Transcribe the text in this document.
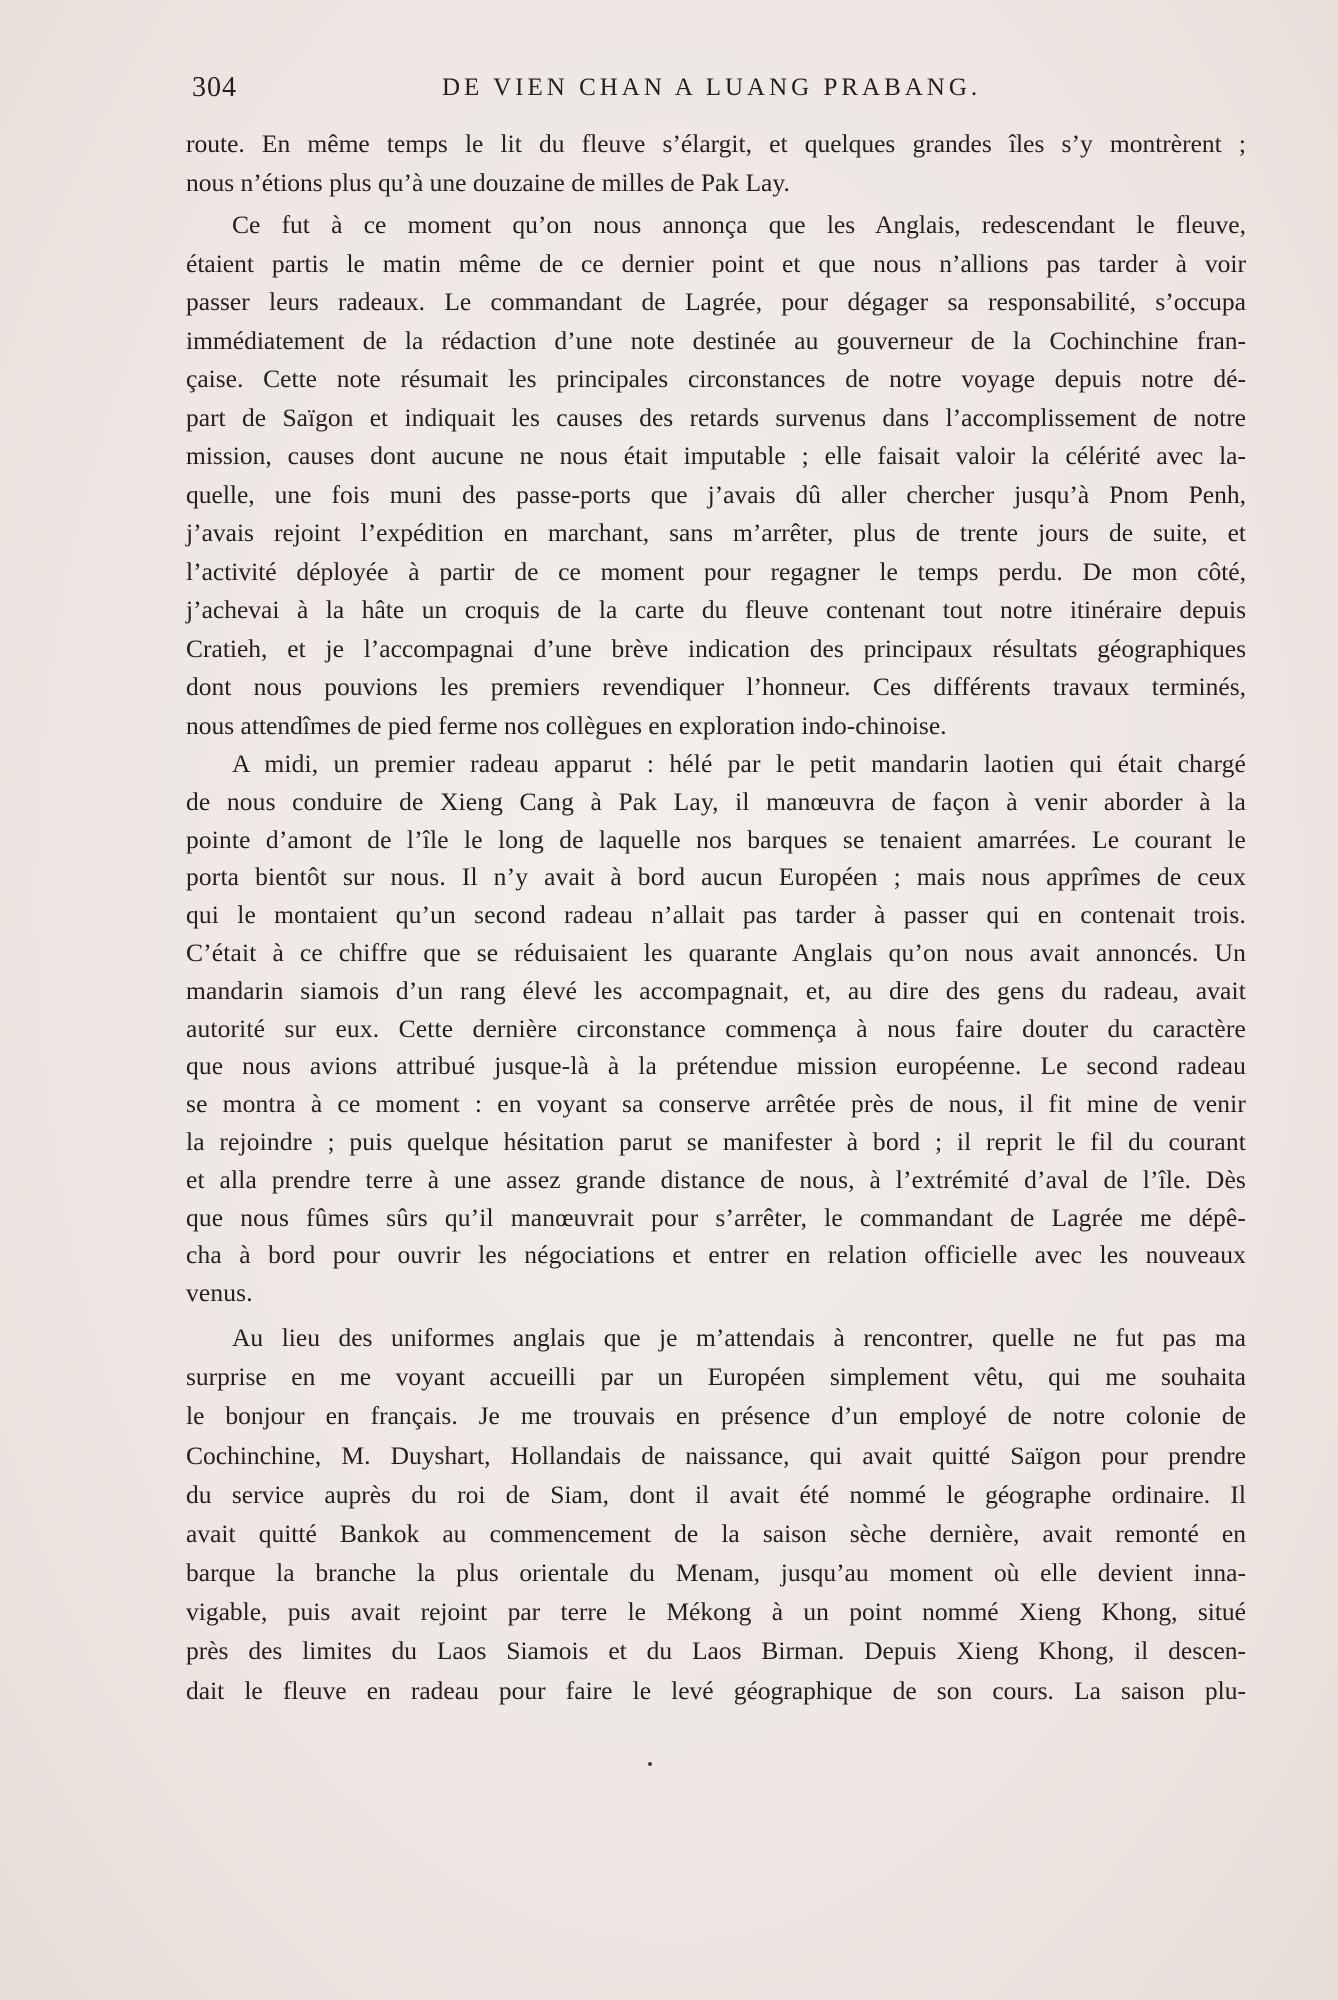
304	DE VIEN CHAN A LUANG PRABANG.
route. En même temps le lit du fleuve s’élargit, et quelques grandes îles s’y montrèrent ;
nous n’étions plus qu’à une douzaine de milles de Pak Lay.
Ce fut à ce moment qu’on nous annonça que les Anglais, redescendant le fleuve,
étaient partis le matin même de ce dernier point et que nous n’allions pas tarder à voir
passer leurs radeaux. Le commandant de Lagrée, pour dégager sa responsabilité, s’occupa
immédiatement de la rédaction d’une note destinée au gouverneur de la Cochinchine fran-
çaise. Cette note résumait les principales circonstances de notre voyage depuis notre dé-
part de Saïgon et indiquait les causes des retards survenus dans l’accomplissement de notre
mission, causes dont aucune ne nous était imputable ; elle faisait valoir la célérité avec la-
quelle, une fois muni des passe-ports que j’avais dû aller chercher jusqu’à Pnom Penh,
j’avais rejoint l’expédition en marchant, sans m’arrêter, plus de trente jours de suite, et
l’activité déployée à partir de ce moment pour regagner le temps perdu. De mon côté,
j’achevai à la hâte un croquis de la carte du fleuve contenant tout notre itinéraire depuis
Cratieh, et je l’accompagnai d’une brève indication des principaux résultats géographiques
dont nous pouvions les premiers revendiquer l’honneur. Ces différents travaux terminés,
nous attendîmes de pied ferme nos collègues en exploration indo-chinoise.
A midi, un premier radeau apparut : hélé par le petit mandarin laotien qui était chargé
de nous conduire de Xieng Cang à Pak Lay, il manœuvra de façon à venir aborder à la
pointe d’amont de l’île le long de laquelle nos barques se tenaient amarrées. Le courant le
porta bientôt sur nous. Il n’y avait à bord aucun Européen ; mais nous apprîmes de ceux
qui le montaient qu’un second radeau n’allait pas tarder à passer qui en contenait trois.
C’était à ce chiffre que se réduisaient les quarante Anglais qu’on nous avait annoncés. Un
mandarin siamois d’un rang élevé les accompagnait, et, au dire des gens du radeau, avait
autorité sur eux. Cette dernière circonstance commença à nous faire douter du caractère
que nous avions attribué jusque-là à la prétendue mission européenne. Le second radeau
se montra à ce moment : en voyant sa conserve arrêtée près de nous, il fit mine de venir
la rejoindre ; puis quelque hésitation parut se manifester à bord ; il reprit le fil du courant
et alla prendre terre à une assez grande distance de nous, à l’extrémité d’aval de l’île. Dès
que nous fûmes sûrs qu’il manœuvrait pour s’arrêter, le commandant de Lagrée me dépê-
cha à bord pour ouvrir les négociations et entrer en relation officielle avec les nouveaux
venus.
Au lieu des uniformes anglais que je m’attendais à rencontrer, quelle ne fut pas ma
surprise en me voyant accueilli par un Européen simplement vêtu, qui me souhaita
le bonjour en français. Je me trouvais en présence d’un employé de notre colonie de
Cochinchine, M. Duyshart, Hollandais de naissance, qui avait quitté Saïgon pour prendre
du service auprès du roi de Siam, dont il avait été nommé le géographe ordinaire. Il
avait quitté Bankok au commencement de la saison sèche dernière, avait remonté en
barque la branche la plus orientale du Menam, jusqu’au moment où elle devient inna-
vigable, puis avait rejoint par terre le Mékong à un point nommé Xieng Khong, situé
près des limites du Laos Siamois et du Laos Birman. Depuis Xieng Khong, il descen-
dait le fleuve en radeau pour faire le levé géographique de son cours. La saison plu-
